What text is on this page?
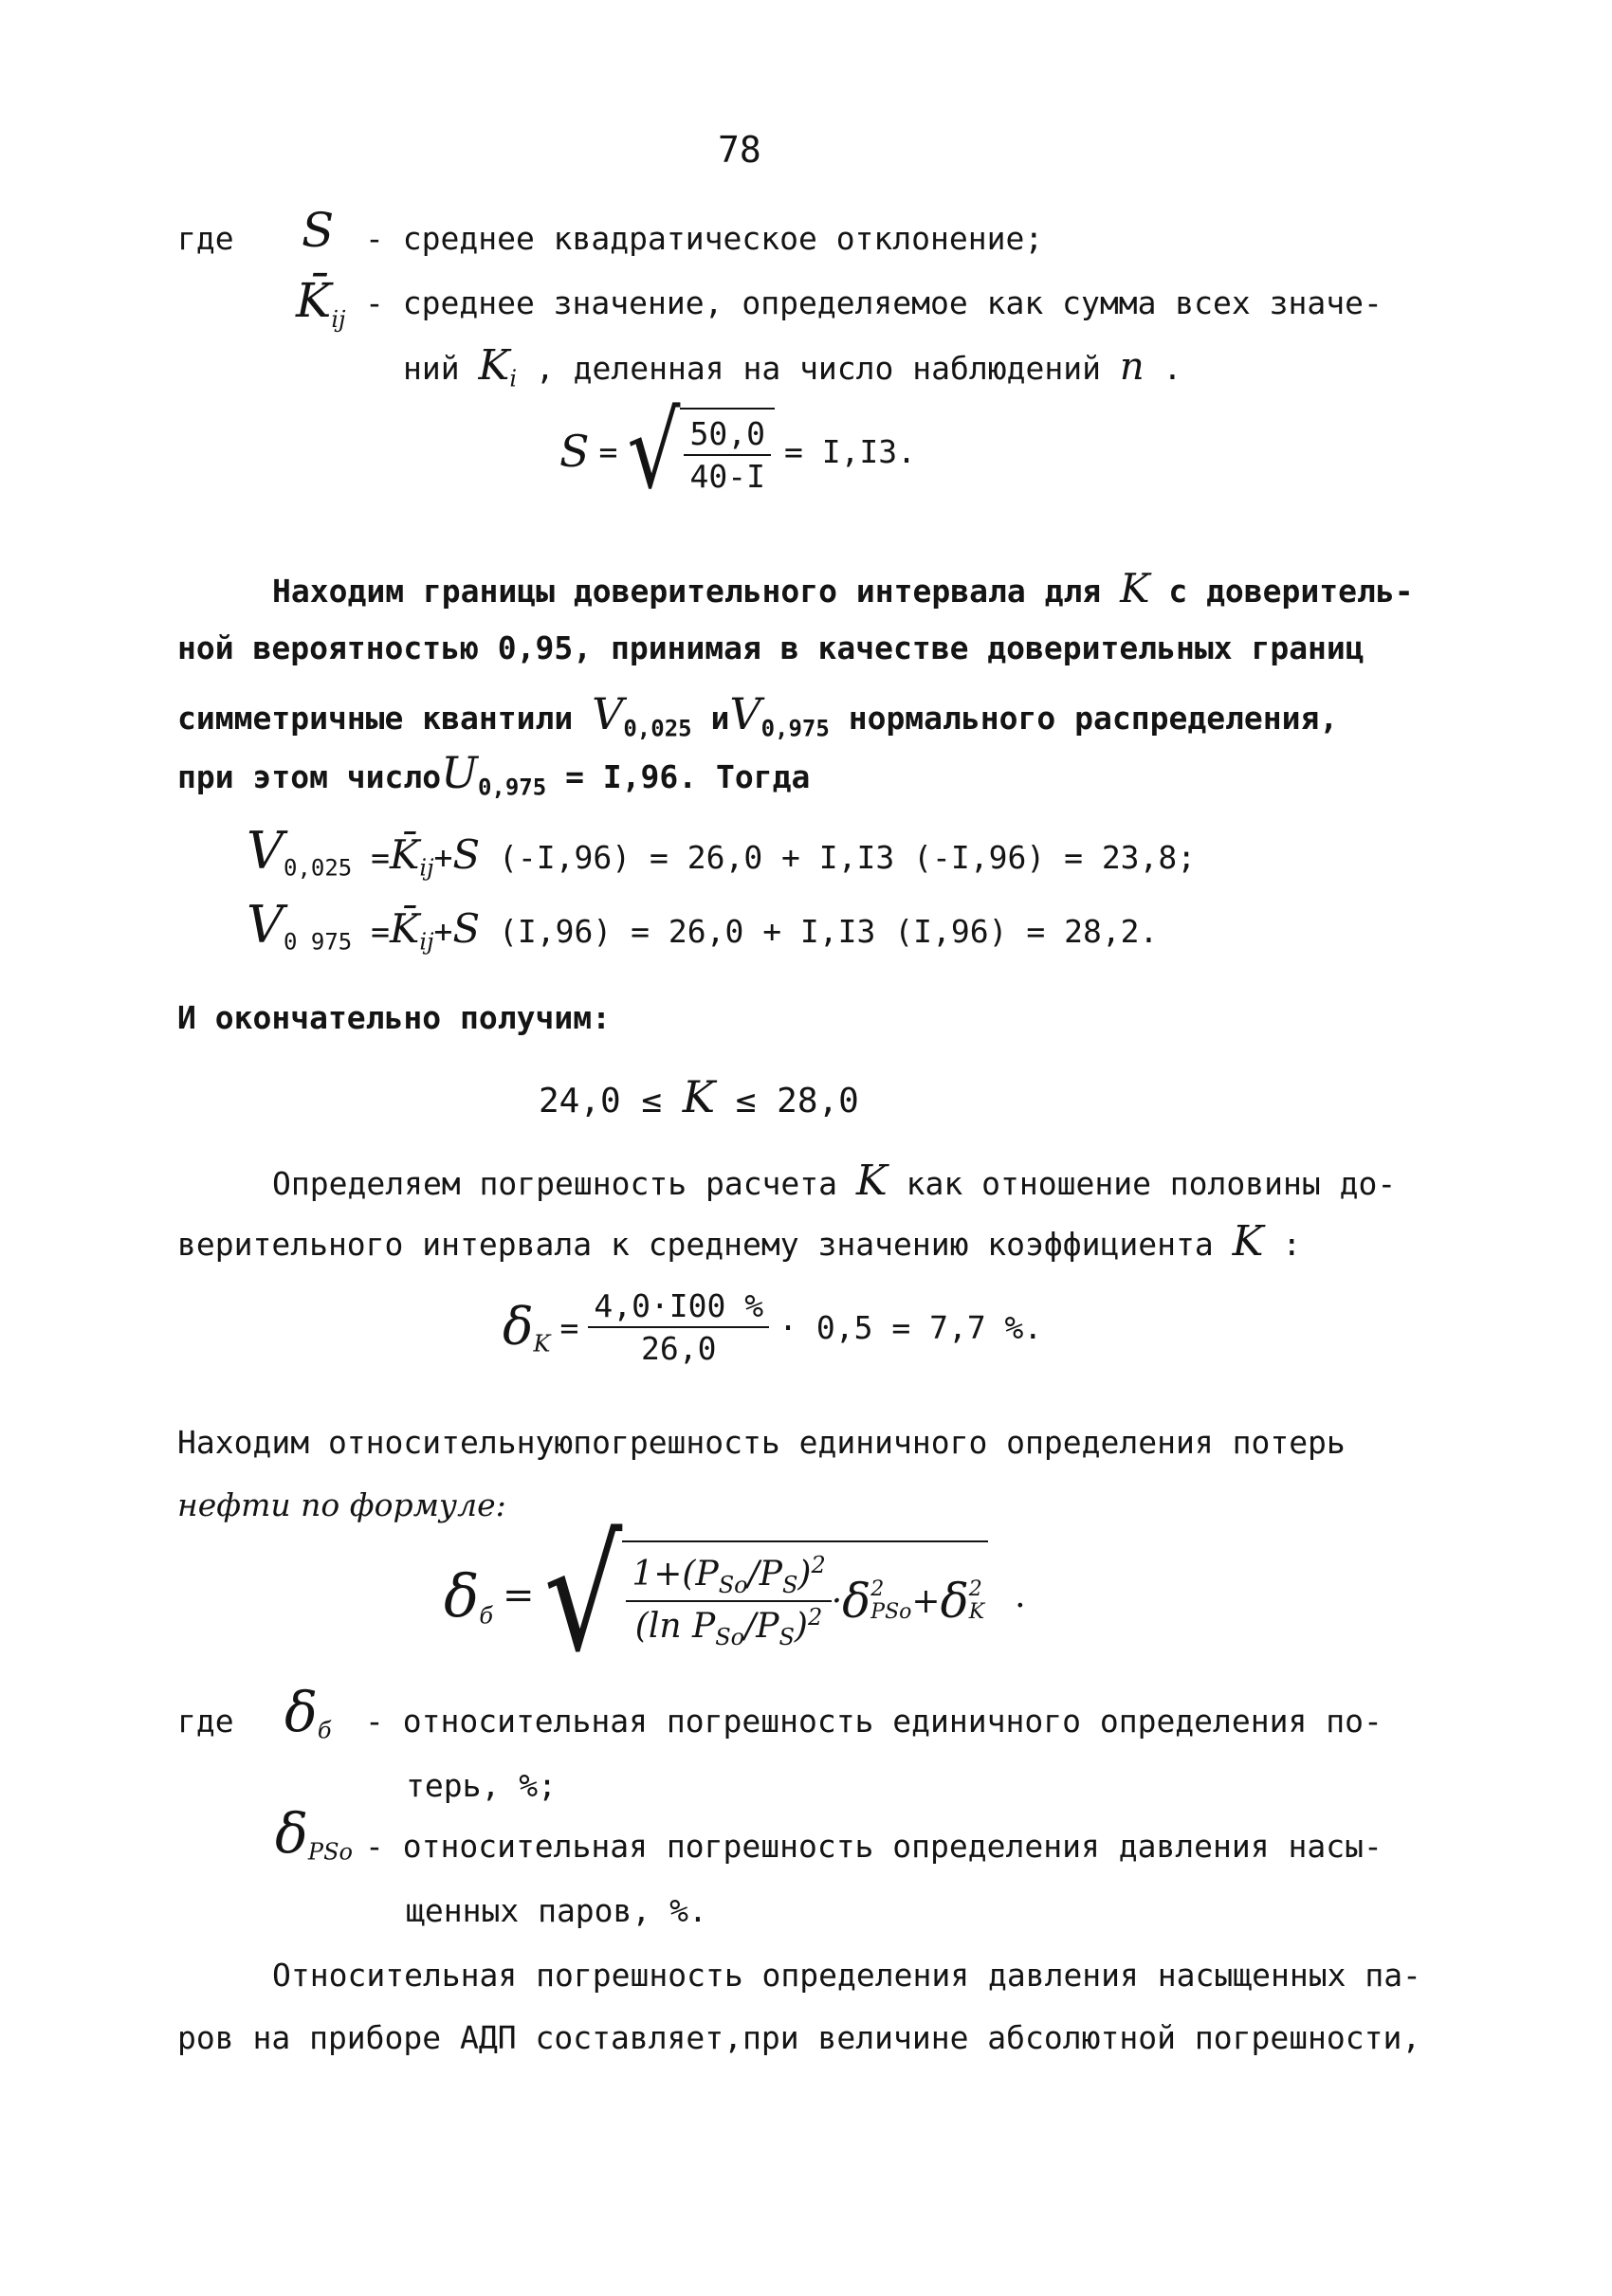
78
где S - среднее квадратическое отклонение;
$K̄_{ij}$ - среднее значение, определяемое как сумма всех значе-
ний $K_i$ , деленная на число наблюдений n .
S = √ $\frac{50,0}{40-I} = I,I3$.
Находим границы доверительного интервала для K с доверитель-
ной вероятностью 0,95, принимая в качестве доверительных границ
симметричные квантили $V_{0,025}$ $иV_{0,975}$ нормального распределения,
при этом числоU$_{0,975}$ = I,96. Тогда
$V_{0,025}$ $=K̄_{ij}+S$ (-I,96) = 26,0 + I,I3 (-I,96) = 23,8;
$V_{0 975}$ $=K̄_{ij}+S$ (I,96) = 26,0 + I,I3 (I,96) = 28,2.
И окончательно получим:
24,0 ≤ K ≤ 28,0
Определяем погрешность расчета K как отношение половины до-
верительного интервала к среднему значению коэффициента K :
$\delta_K = \frac{4,0\cdot I00 \%}{26,0} \cdot 0,5 = 7,7$ %.
Находим относительнуюпогрешность единичного определения потерь
нефти по формуле:
$\delta_б$ = √ $\frac{1+(P_{So}/P_S)^2}{(\ln P_{So}/P_S)^2} \cdot \delta$ 2
PSo + δ 2
K .
где $\delta_б$ - относительная погрешность единичного определения по-
терь, %;
$\delta_{PSo}$ - относительная погрешность определения давления насы-
щенных паров, %.
Относительная погрешность определения давления насыщенных па-
ров на приборе АДП составляет,при величине абсолютной погрешности,
